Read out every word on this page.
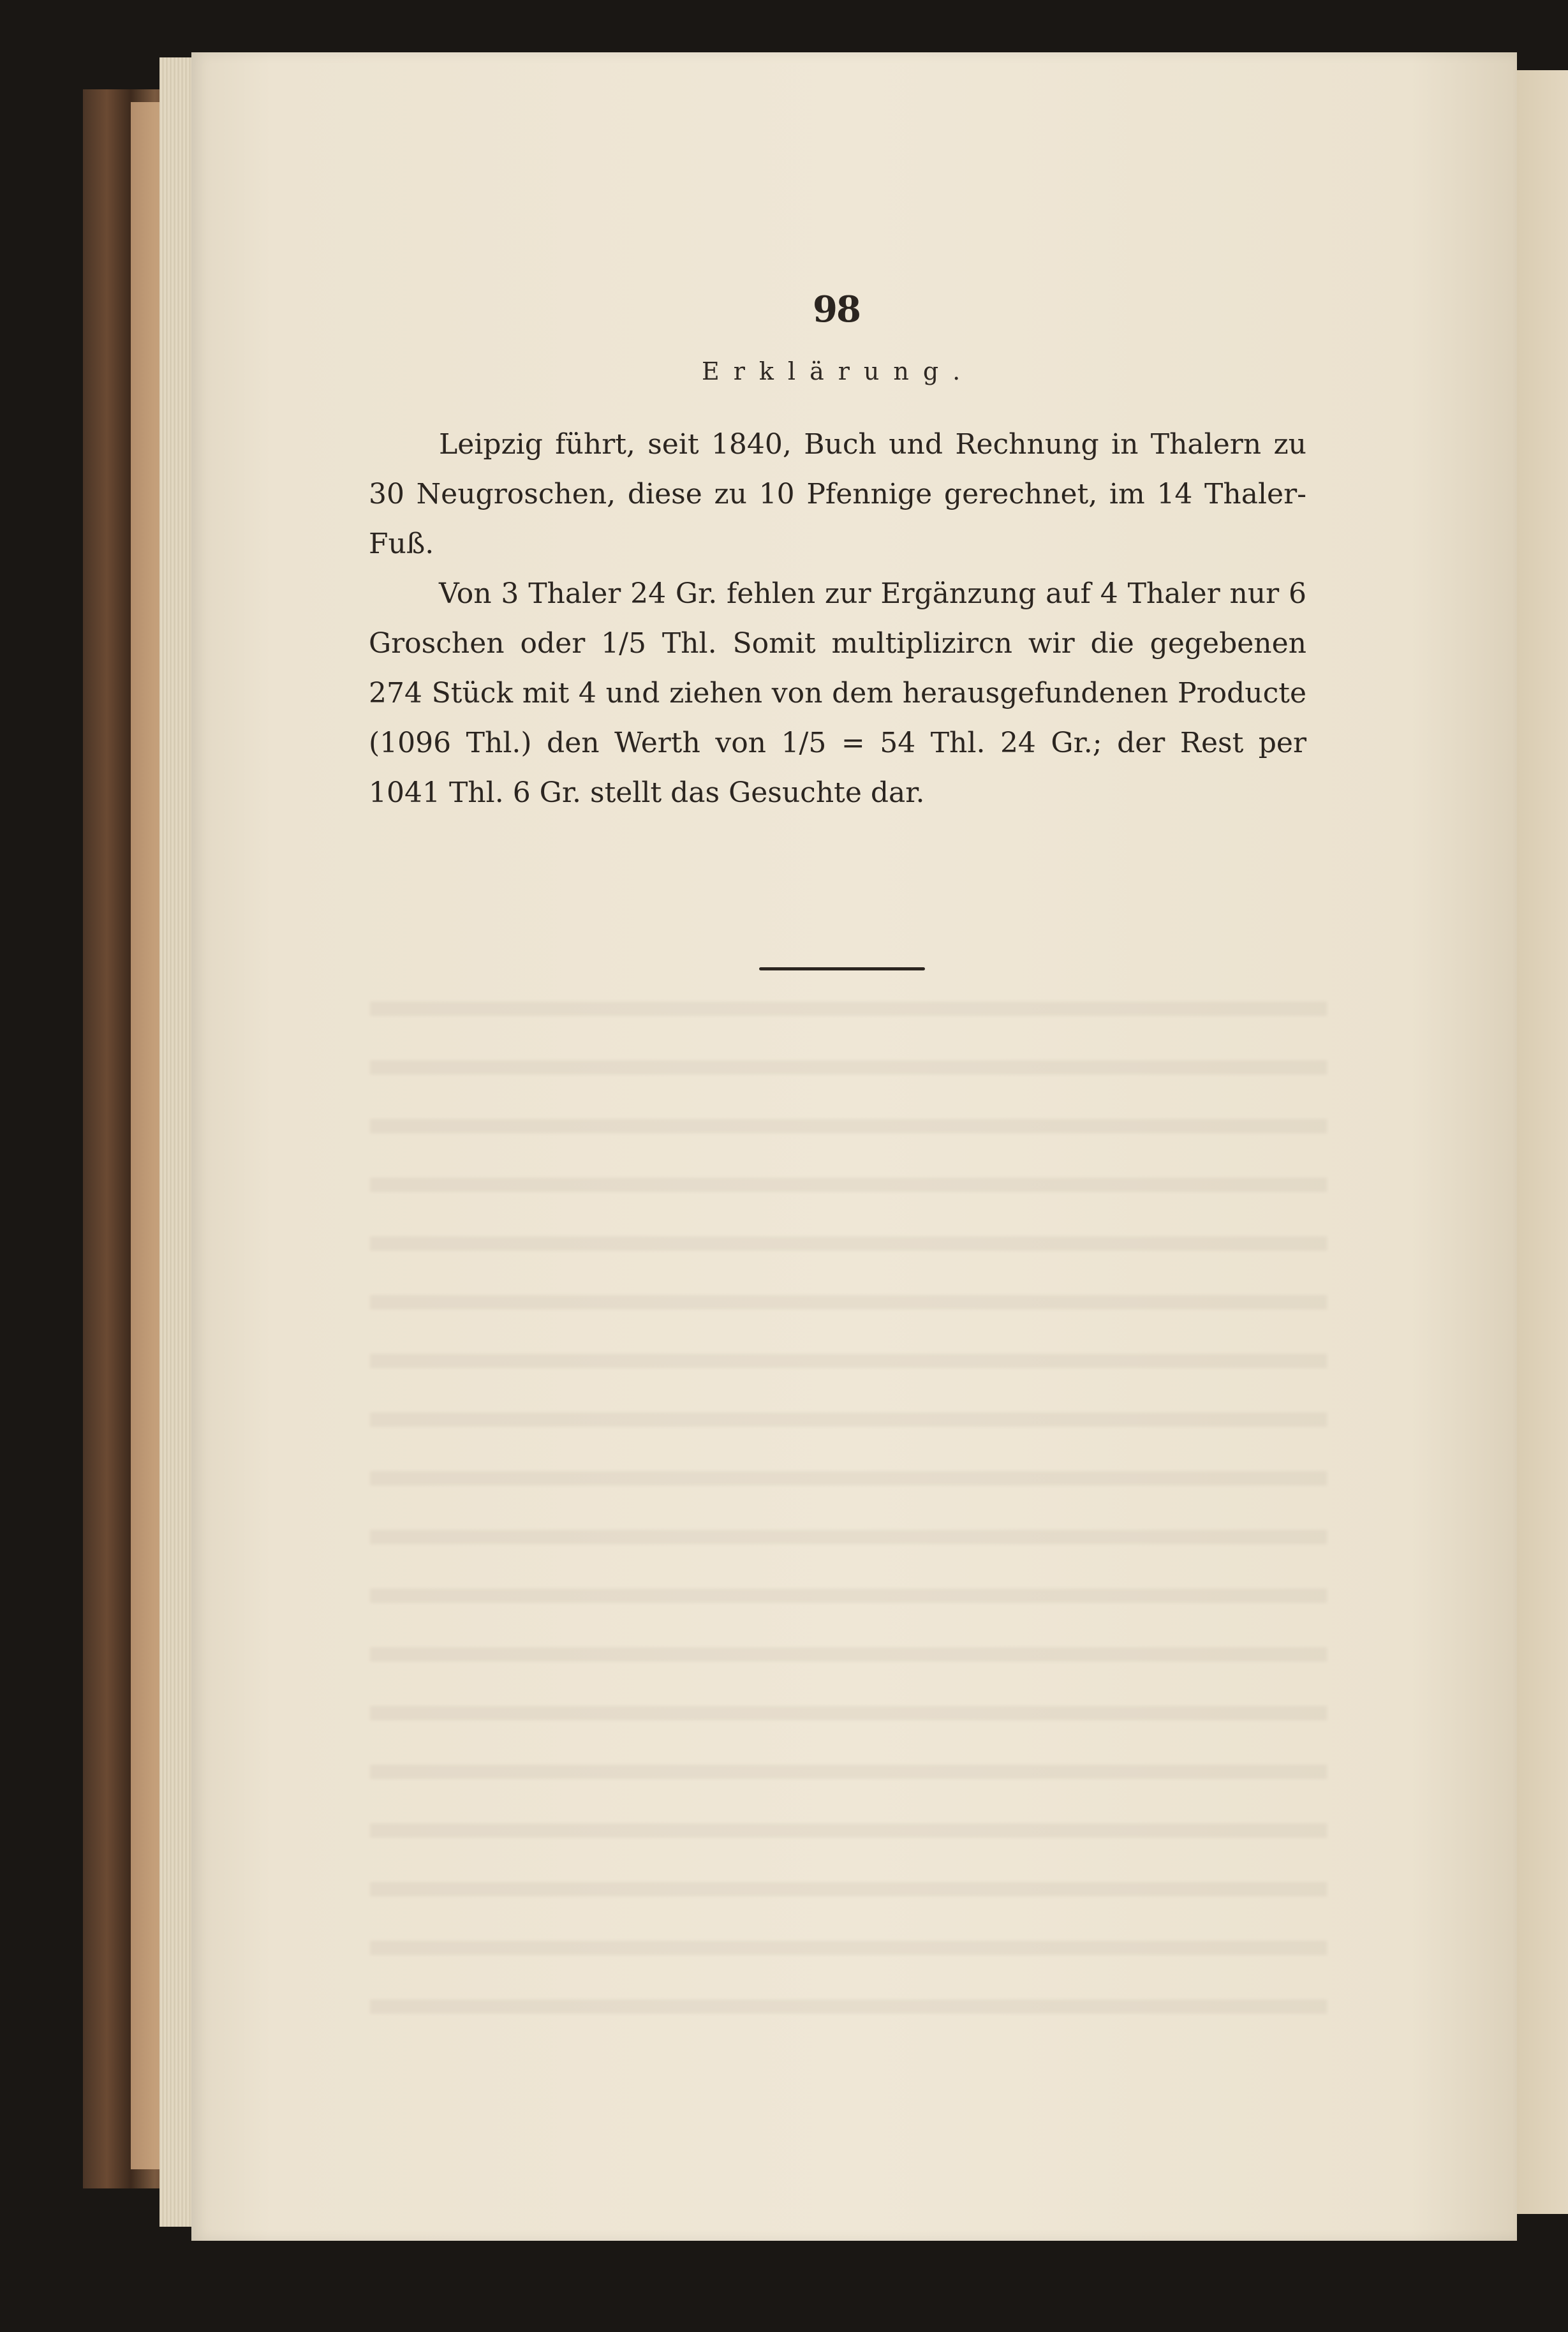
98
Erklärung.

Leipzig führt, seit 1840, Buch und Rechnung in Thalern zu 30 Neugroschen, diese zu 10 Pfennige gerechnet, im 14 Thaler-Fuß.

Von 3 Thaler 24 Gr. fehlen zur Ergänzung auf 4 Thaler nur 6 Groschen oder 1/5 Thl. Somit multiplizircn wir die gegebenen 274 Stück mit 4 und ziehen von dem herausgefundenen Producte (1096 Thl.) den Werth von 1/5 = 54 Thl. 24 Gr.; der Rest per 1041 Thl. 6 Gr. stellt das Gesuchte dar.
